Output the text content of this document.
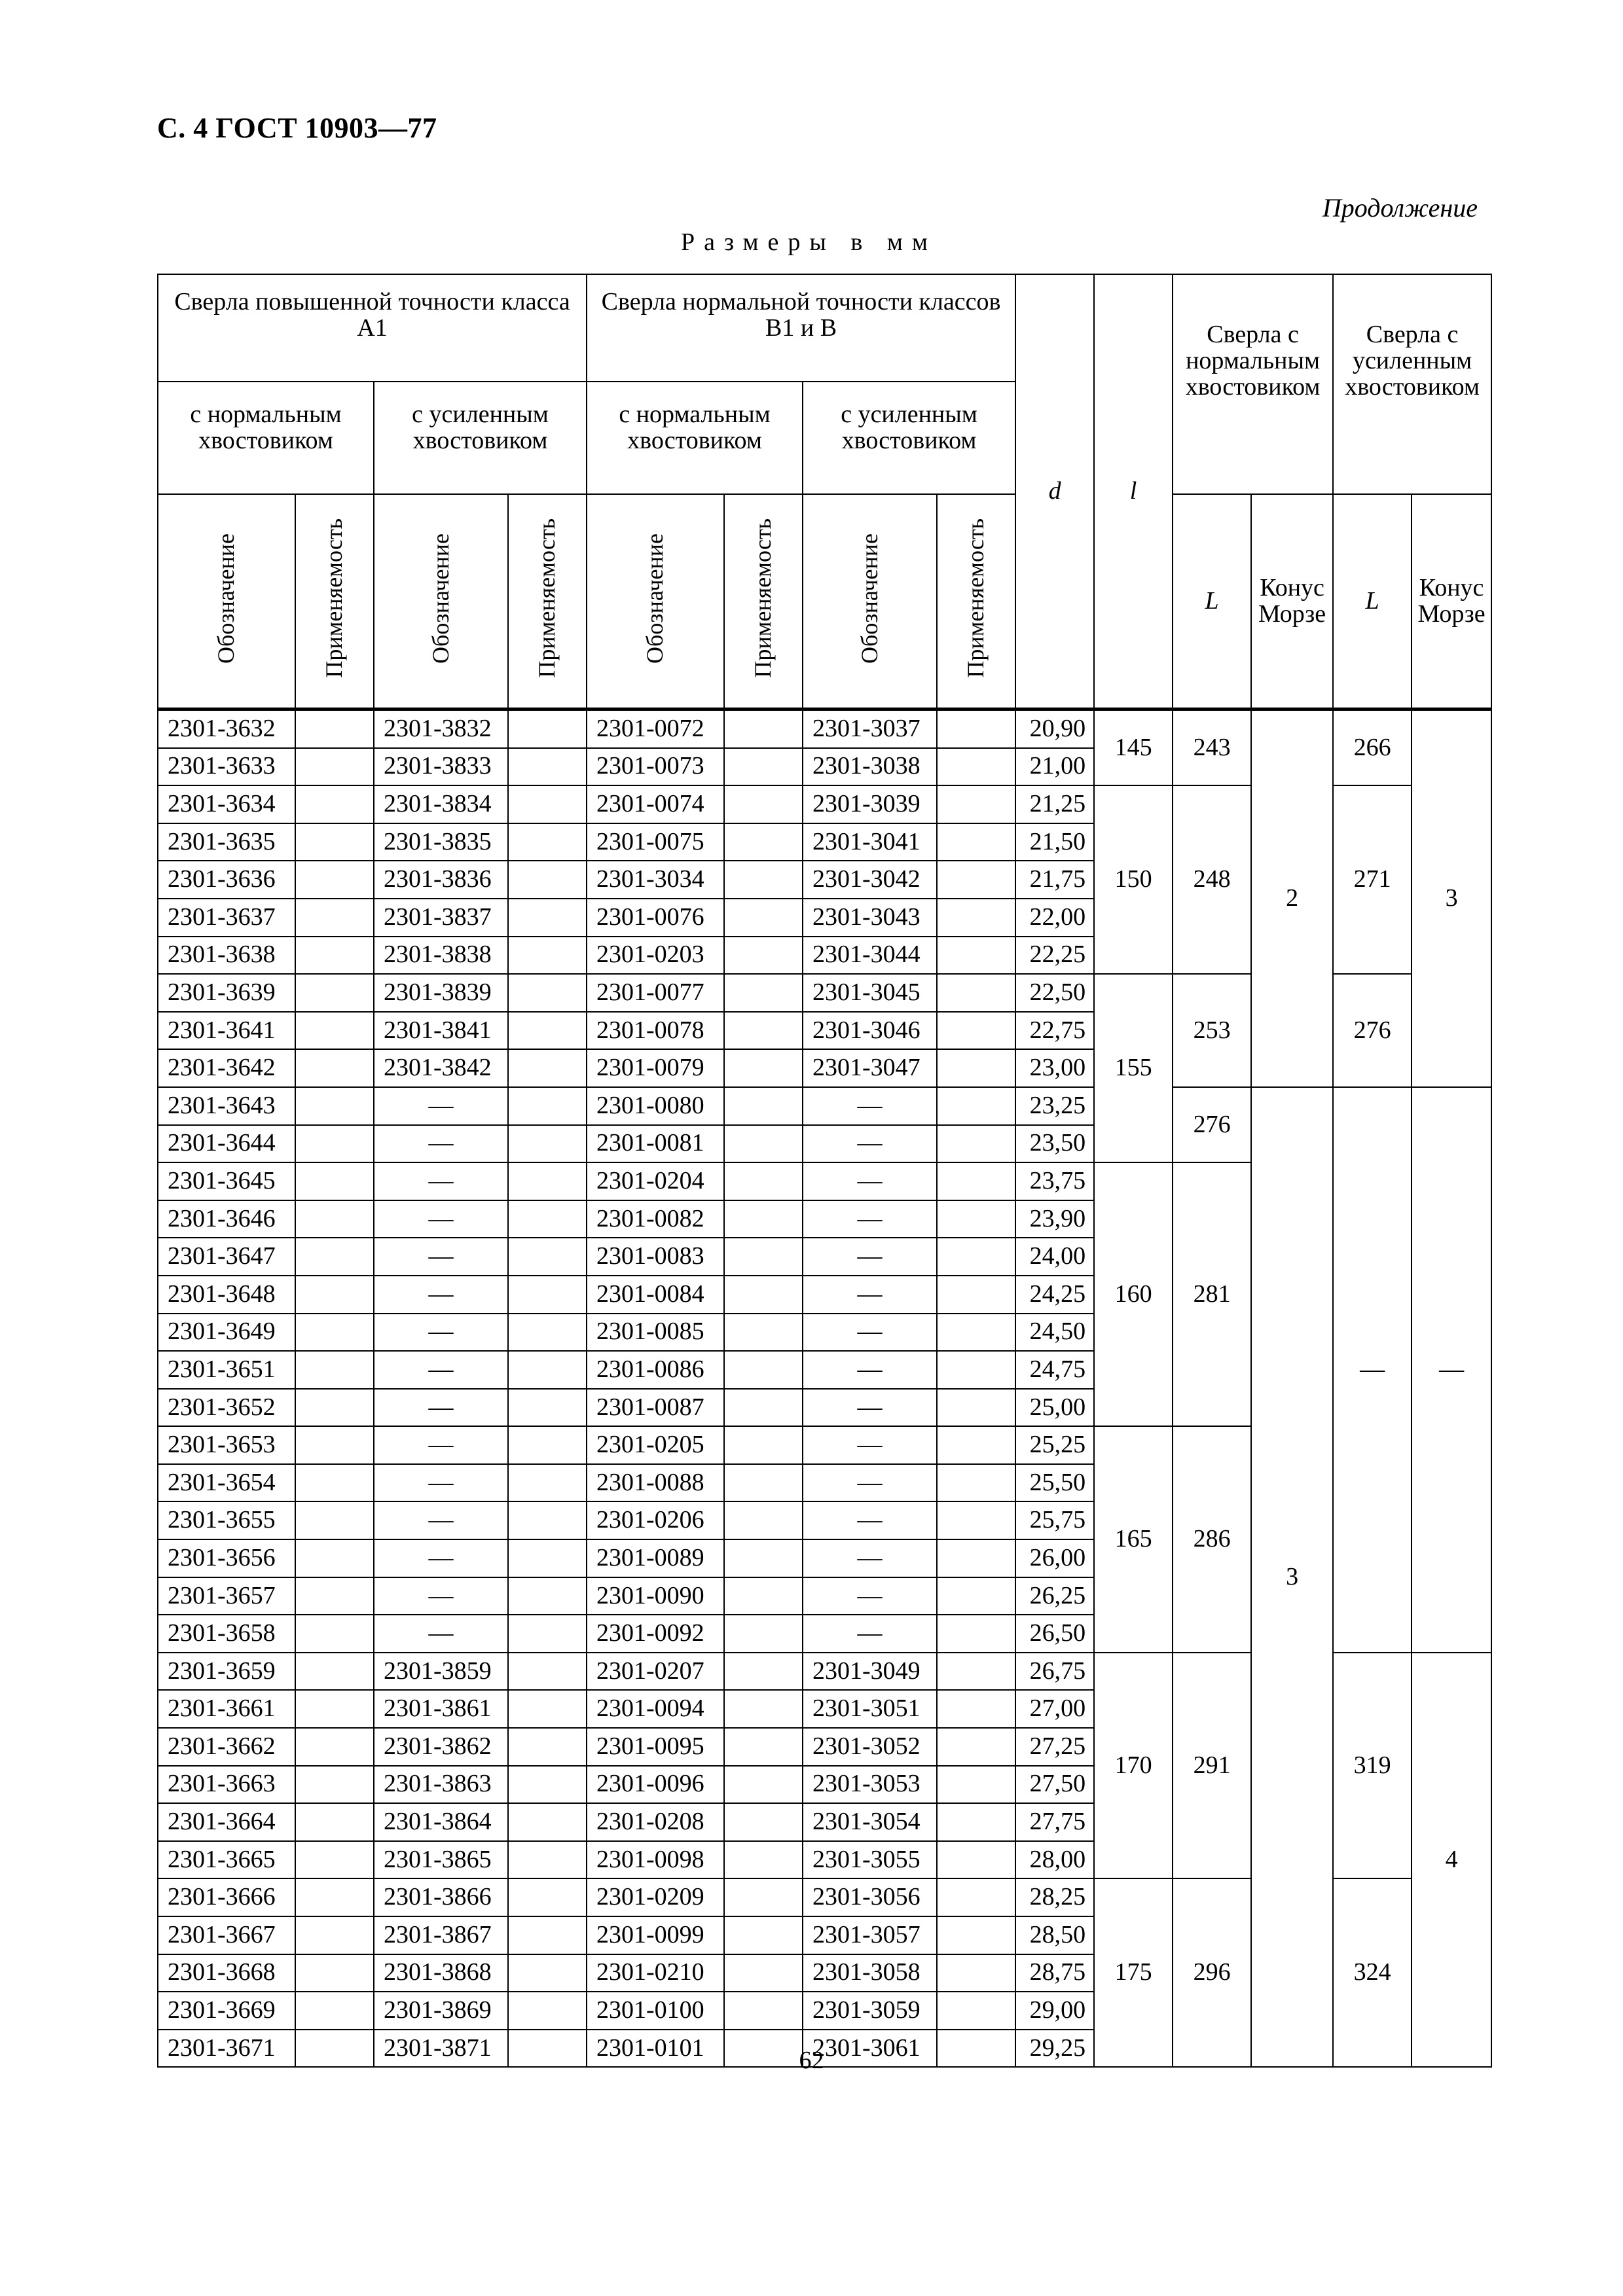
С. 4 ГОСТ 10903—77
Продолжение
Размеры в мм
Сверла повышенной точности класса А1				Сверла нормальной точности классов В1 и В				d	l	Сверла с нормальным хвостовиком		Сверла с усиленным хвостовиком	
с нормальным хвостовиком		с усиленным хвостовиком		с нормальным хвостовиком		с усиленным хвостовиком							
Обозначение	Применяемость	Обозначение	Применяемость	Обозначение	Применяемость	Обозначение	Применяемость			L	Конус Морзе	L	Конус Морзе
2301-3632		2301-3832		2301-0072		2301-3037		20,90	145	243	2	266	3
2301-3633		2301-3833		2301-0073		2301-3038		21,00					
2301-3634		2301-3834		2301-0074		2301-3039		21,25	150	248		271	
2301-3635		2301-3835		2301-0075		2301-3041		21,50					
2301-3636		2301-3836		2301-3034		2301-3042		21,75					
2301-3637		2301-3837		2301-0076		2301-3043		22,00					
2301-3638		2301-3838		2301-0203		2301-3044		22,25					
2301-3639		2301-3839		2301-0077		2301-3045		22,50	155	253		276	
2301-3641		2301-3841		2301-0078		2301-3046		22,75					
2301-3642		2301-3842		2301-0079		2301-3047		23,00					
2301-3643		—		2301-0080		—		23,25		276	3	—	—
2301-3644		—		2301-0081		—		23,50					
2301-3645		—		2301-0204		—		23,75	160	281			
2301-3646		—		2301-0082		—		23,90					
2301-3647		—		2301-0083		—		24,00					
2301-3648		—		2301-0084		—		24,25					
2301-3649		—		2301-0085		—		24,50					
2301-3651		—		2301-0086		—		24,75					
2301-3652		—		2301-0087		—		25,00					
2301-3653		—		2301-0205		—		25,25	165	286			
2301-3654		—		2301-0088		—		25,50					
2301-3655		—		2301-0206		—		25,75					
2301-3656		—		2301-0089		—		26,00					
2301-3657		—		2301-0090		—		26,25					
2301-3658		—		2301-0092		—		26,50					
2301-3659		2301-3859		2301-0207		2301-3049		26,75	170	291		319	4
2301-3661		2301-3861		2301-0094		2301-3051		27,00					
2301-3662		2301-3862		2301-0095		2301-3052		27,25					
2301-3663		2301-3863		2301-0096		2301-3053		27,50					
2301-3664		2301-3864		2301-0208		2301-3054		27,75					
2301-3665		2301-3865		2301-0098		2301-3055		28,00					
2301-3666		2301-3866		2301-0209		2301-3056		28,25	175	296		324	
2301-3667		2301-3867		2301-0099		2301-3057		28,50					
2301-3668		2301-3868		2301-0210		2301-3058		28,75					
2301-3669		2301-3869		2301-0100		2301-3059		29,00					
2301-3671		2301-3871		2301-0101		2301-3061		29,25					
62
